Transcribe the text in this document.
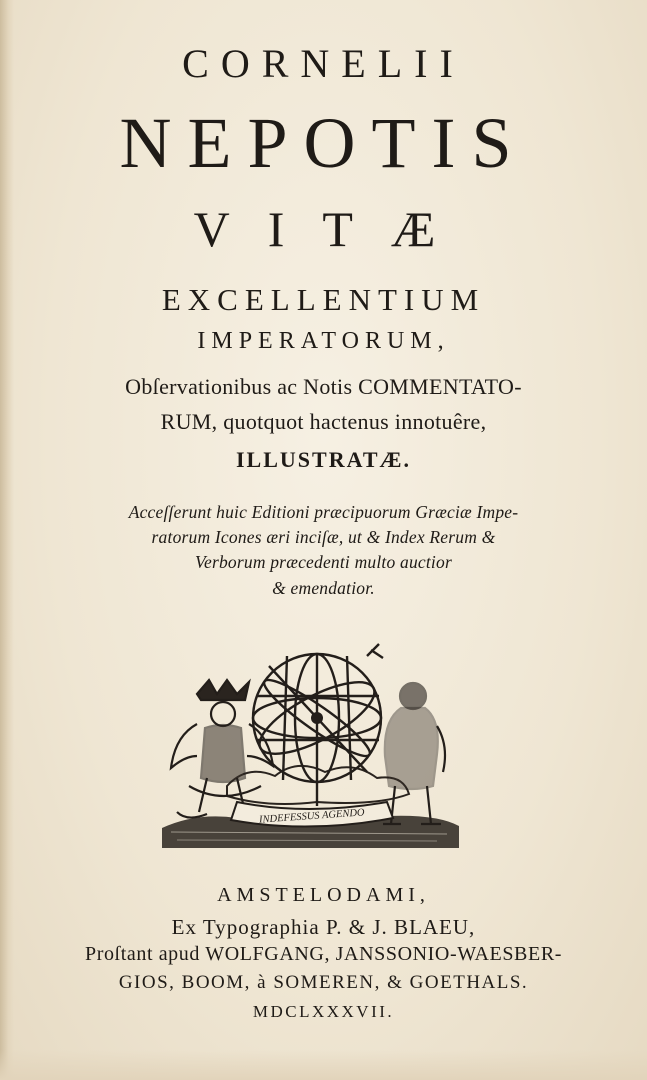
CORNELII
NEPOTIS
VITÆ
EXCELLENTIUM
IMPERATORUM,
Obſervationibus ac Notis COMMENTATO-
RUM, quotquot hactenus innotuêre,
ILLUSTRATÆ.
Acceſſerunt huic Editioni præcipuorum Græciæ Impe-
ratorum Icones æri inciſæ, ut & Index Rerum &
Verborum præcedenti multo auctior
& emendatior.
INDEFESSUS AGENDO
AMSTELODAMI,
Ex Typographia P. & J. BLAEU,
Proſtant apud WOLFGANG, JANSSONIO-WAESBER-
GIOS, BOOM, à SOMEREN, & GOETHALS.
MDCLXXXVII.
